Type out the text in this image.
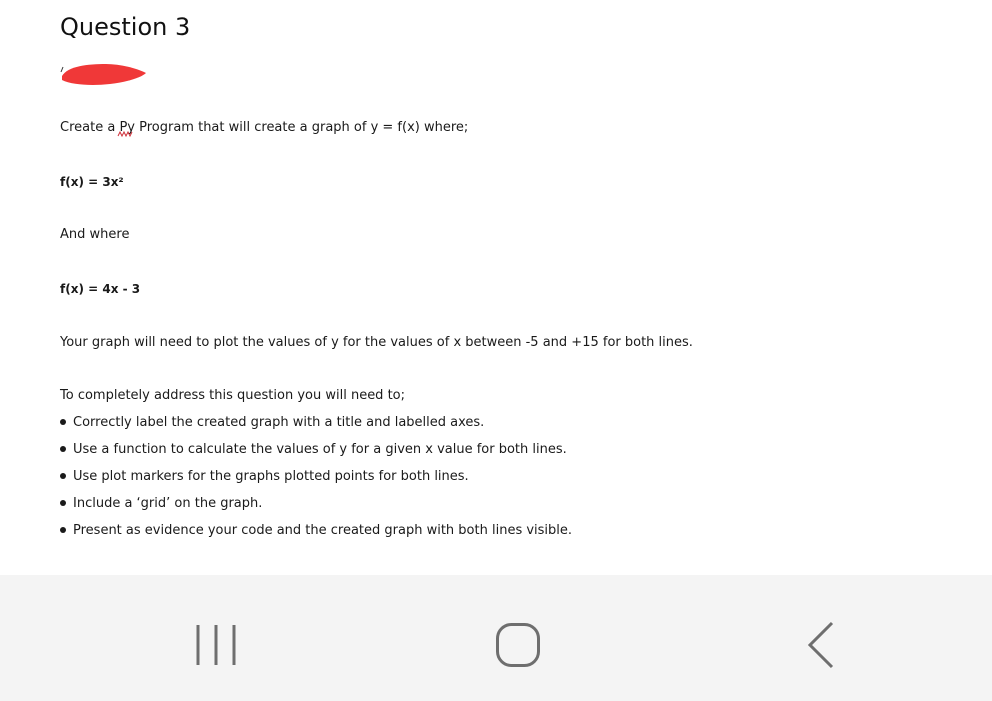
Question 3

Create a Py
Program that will create a graph of y = f(x) where;

f(x) = 3x²

And where

f(x) = 4x - 3

Your graph will need to plot the values of y for the values of x between -5 and +15 for both lines.

To completely address this question you will need to;

Correctly label the created graph with a title and labelled axes.

Use a function to calculate the values of y for a given x value for both lines.

Use plot markers for the graphs plotted points for both lines.

Include a ‘grid’ on the graph.

Present as evidence your code and the created graph with both lines visible.
